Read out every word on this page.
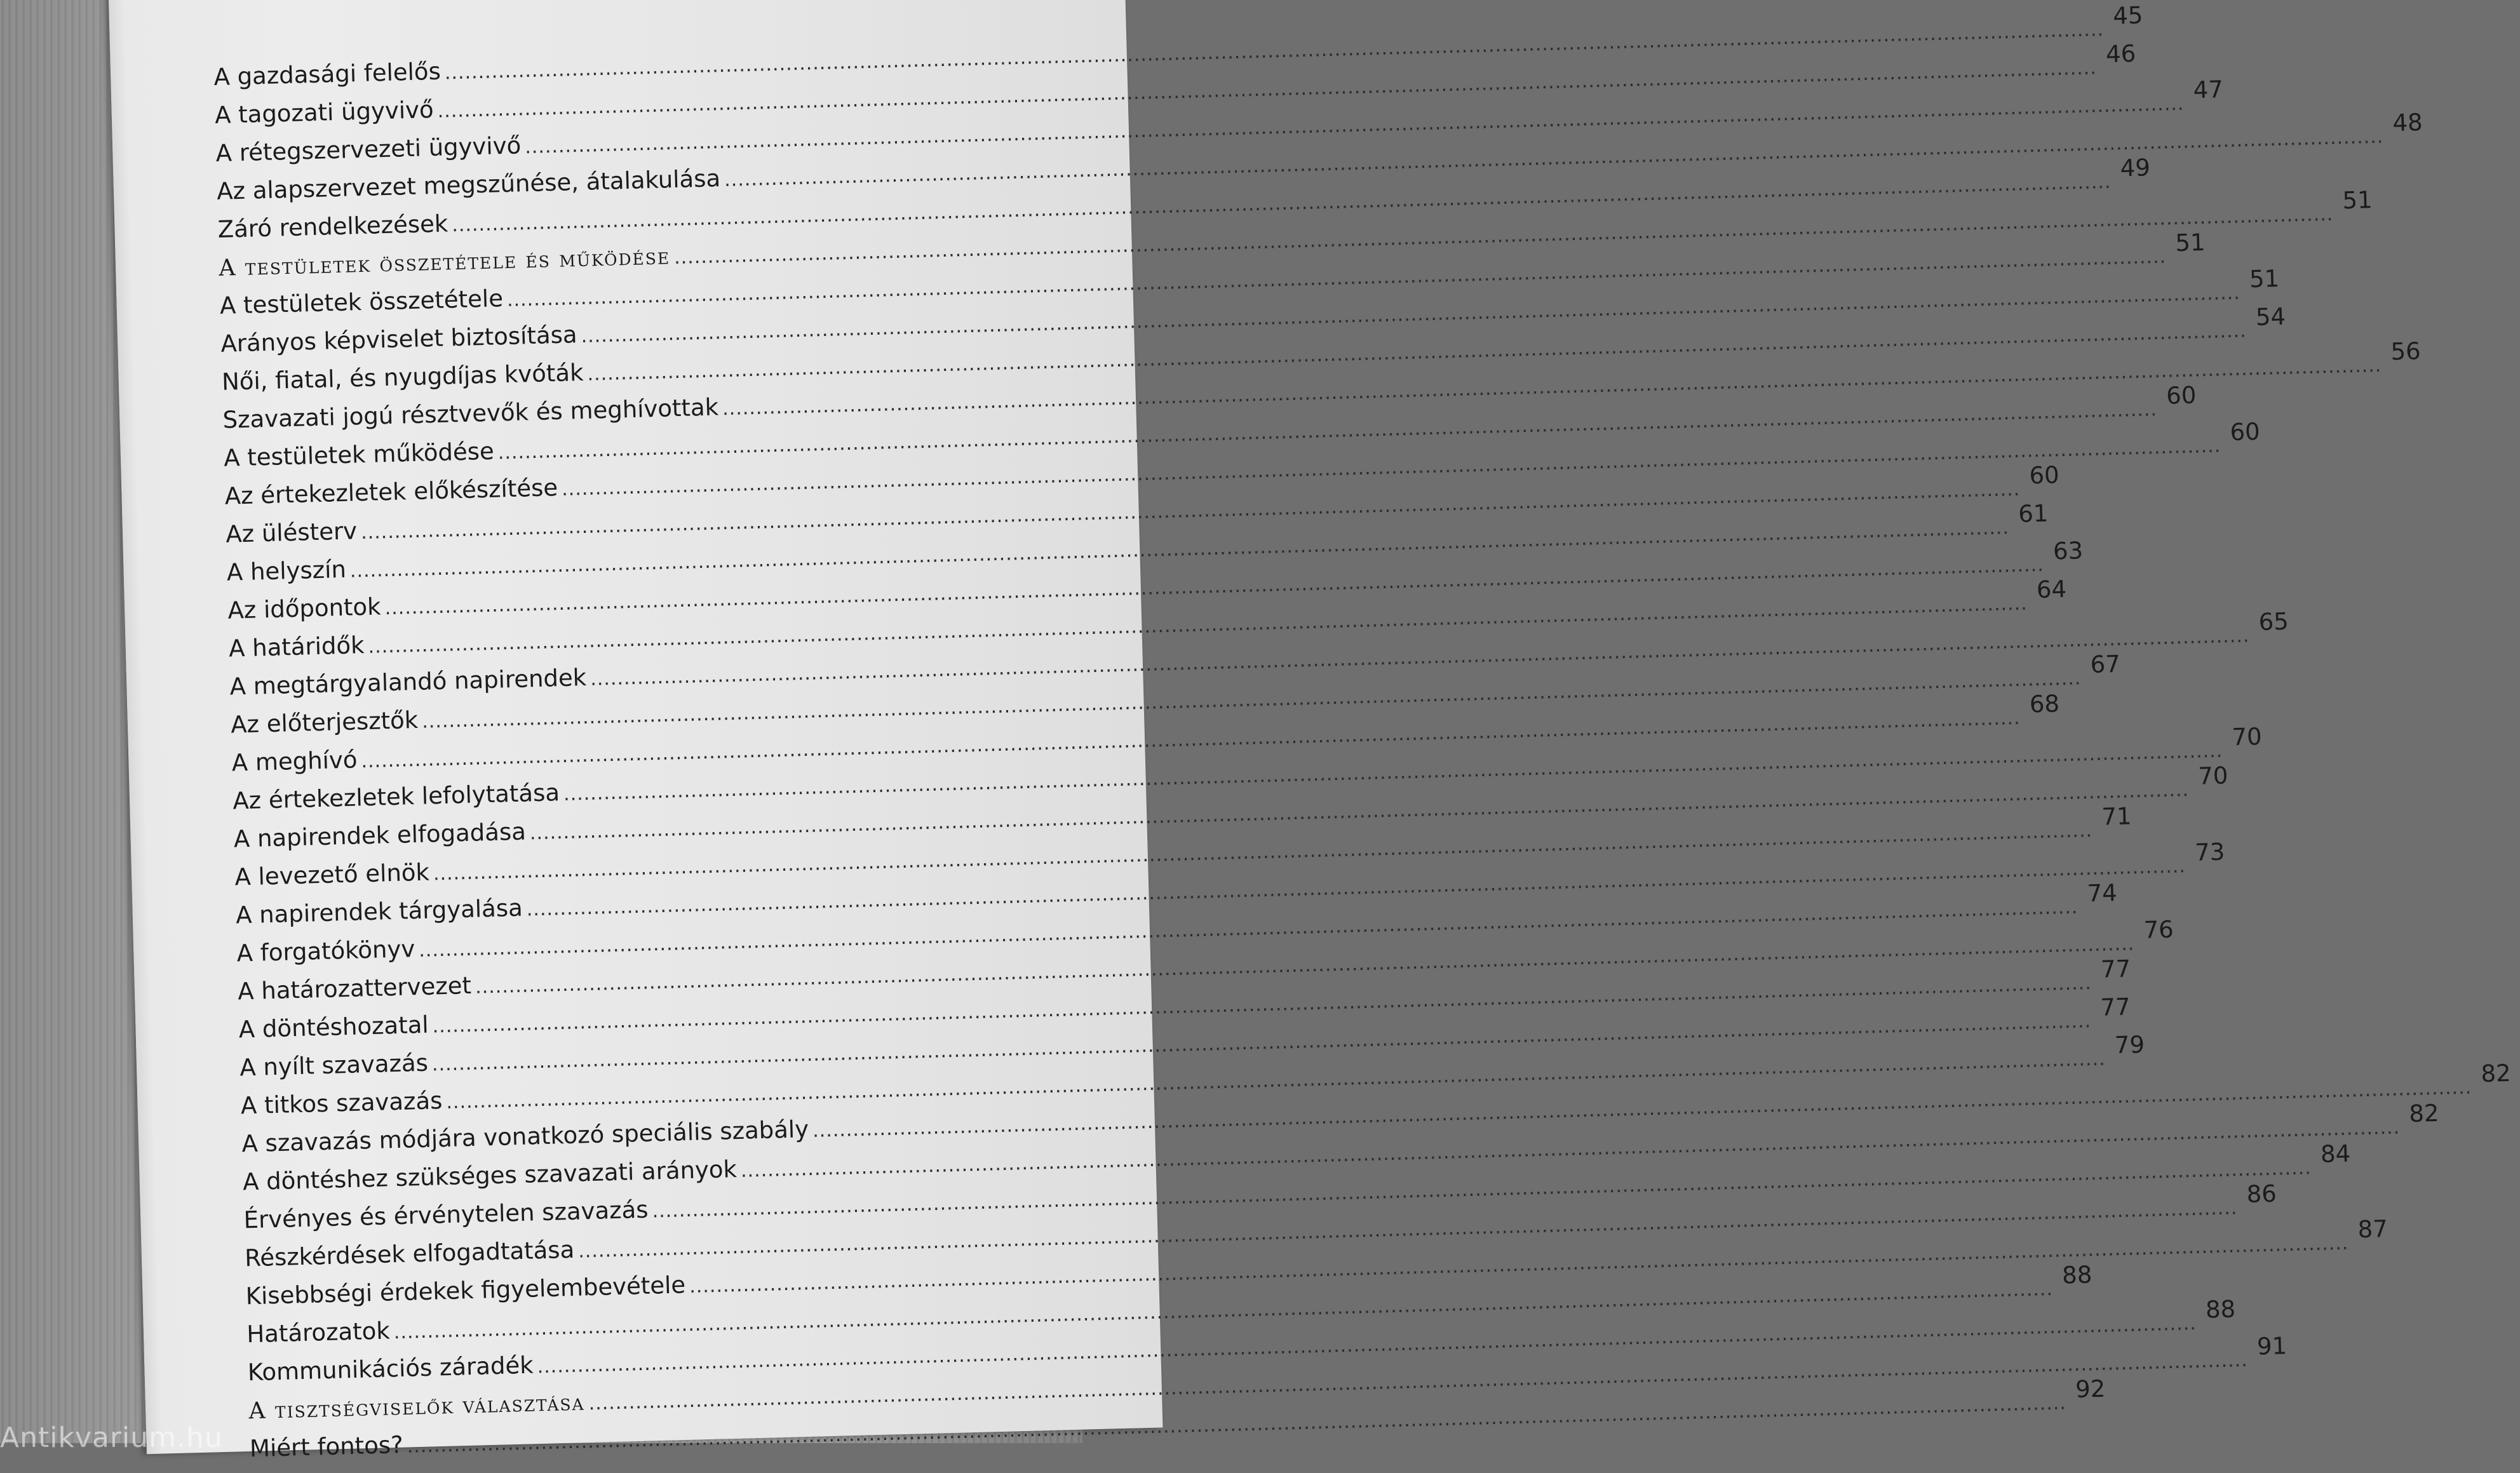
A gazdasági felelős
.....
45
A tagozati ügyvivő
.....
46
A rétegszervezeti ügyvivő
.....
47
Az alapszervezet megszűnése, átalakulása
.....
48
Záró rendelkezések
.....
49
A testületek összetétele és működése
.....
51
A testületek összetétele
.....
51
Arányos képviselet biztosítása
.....
51
Női, fiatal, és nyugdíjas kvóták
.....
54
Szavazati jogú résztvevők és meghívottak
.....
56
A testületek működése
.....
60
Az értekezletek előkészítése
.....
60
Az ülésterv
.....
60
A helyszín
.....
61
Az időpontok
.....
63
A határidők
.....
64
A megtárgyalandó napirendek
.....
65
Az előterjesztők
.....
67
A meghívó
.....
68
Az értekezletek lefolytatása
.....
70
A napirendek elfogadása
.....
70
A levezető elnök
.....
71
A napirendek tárgyalása
.....
73
A forgatókönyv
.....
74
A határozattervezet
.....
76
A döntéshozatal
.....
77
A nyílt szavazás
.....
77
A titkos szavazás
.....
79
A szavazás módjára vonatkozó speciális szabály
.....
82
A döntéshez szükséges szavazati arányok
.....
82
Érvényes és érvénytelen szavazás
.....
84
Részkérdések elfogadtatása
.....
86
Kisebbségi érdekek figyelembevétele
.....
87
Határozatok
.....
88
Kommunikációs záradék
.....
88
A tisztségviselők választása
.....
91
Miért fontos?
.....
92
Antikvarium.hu
